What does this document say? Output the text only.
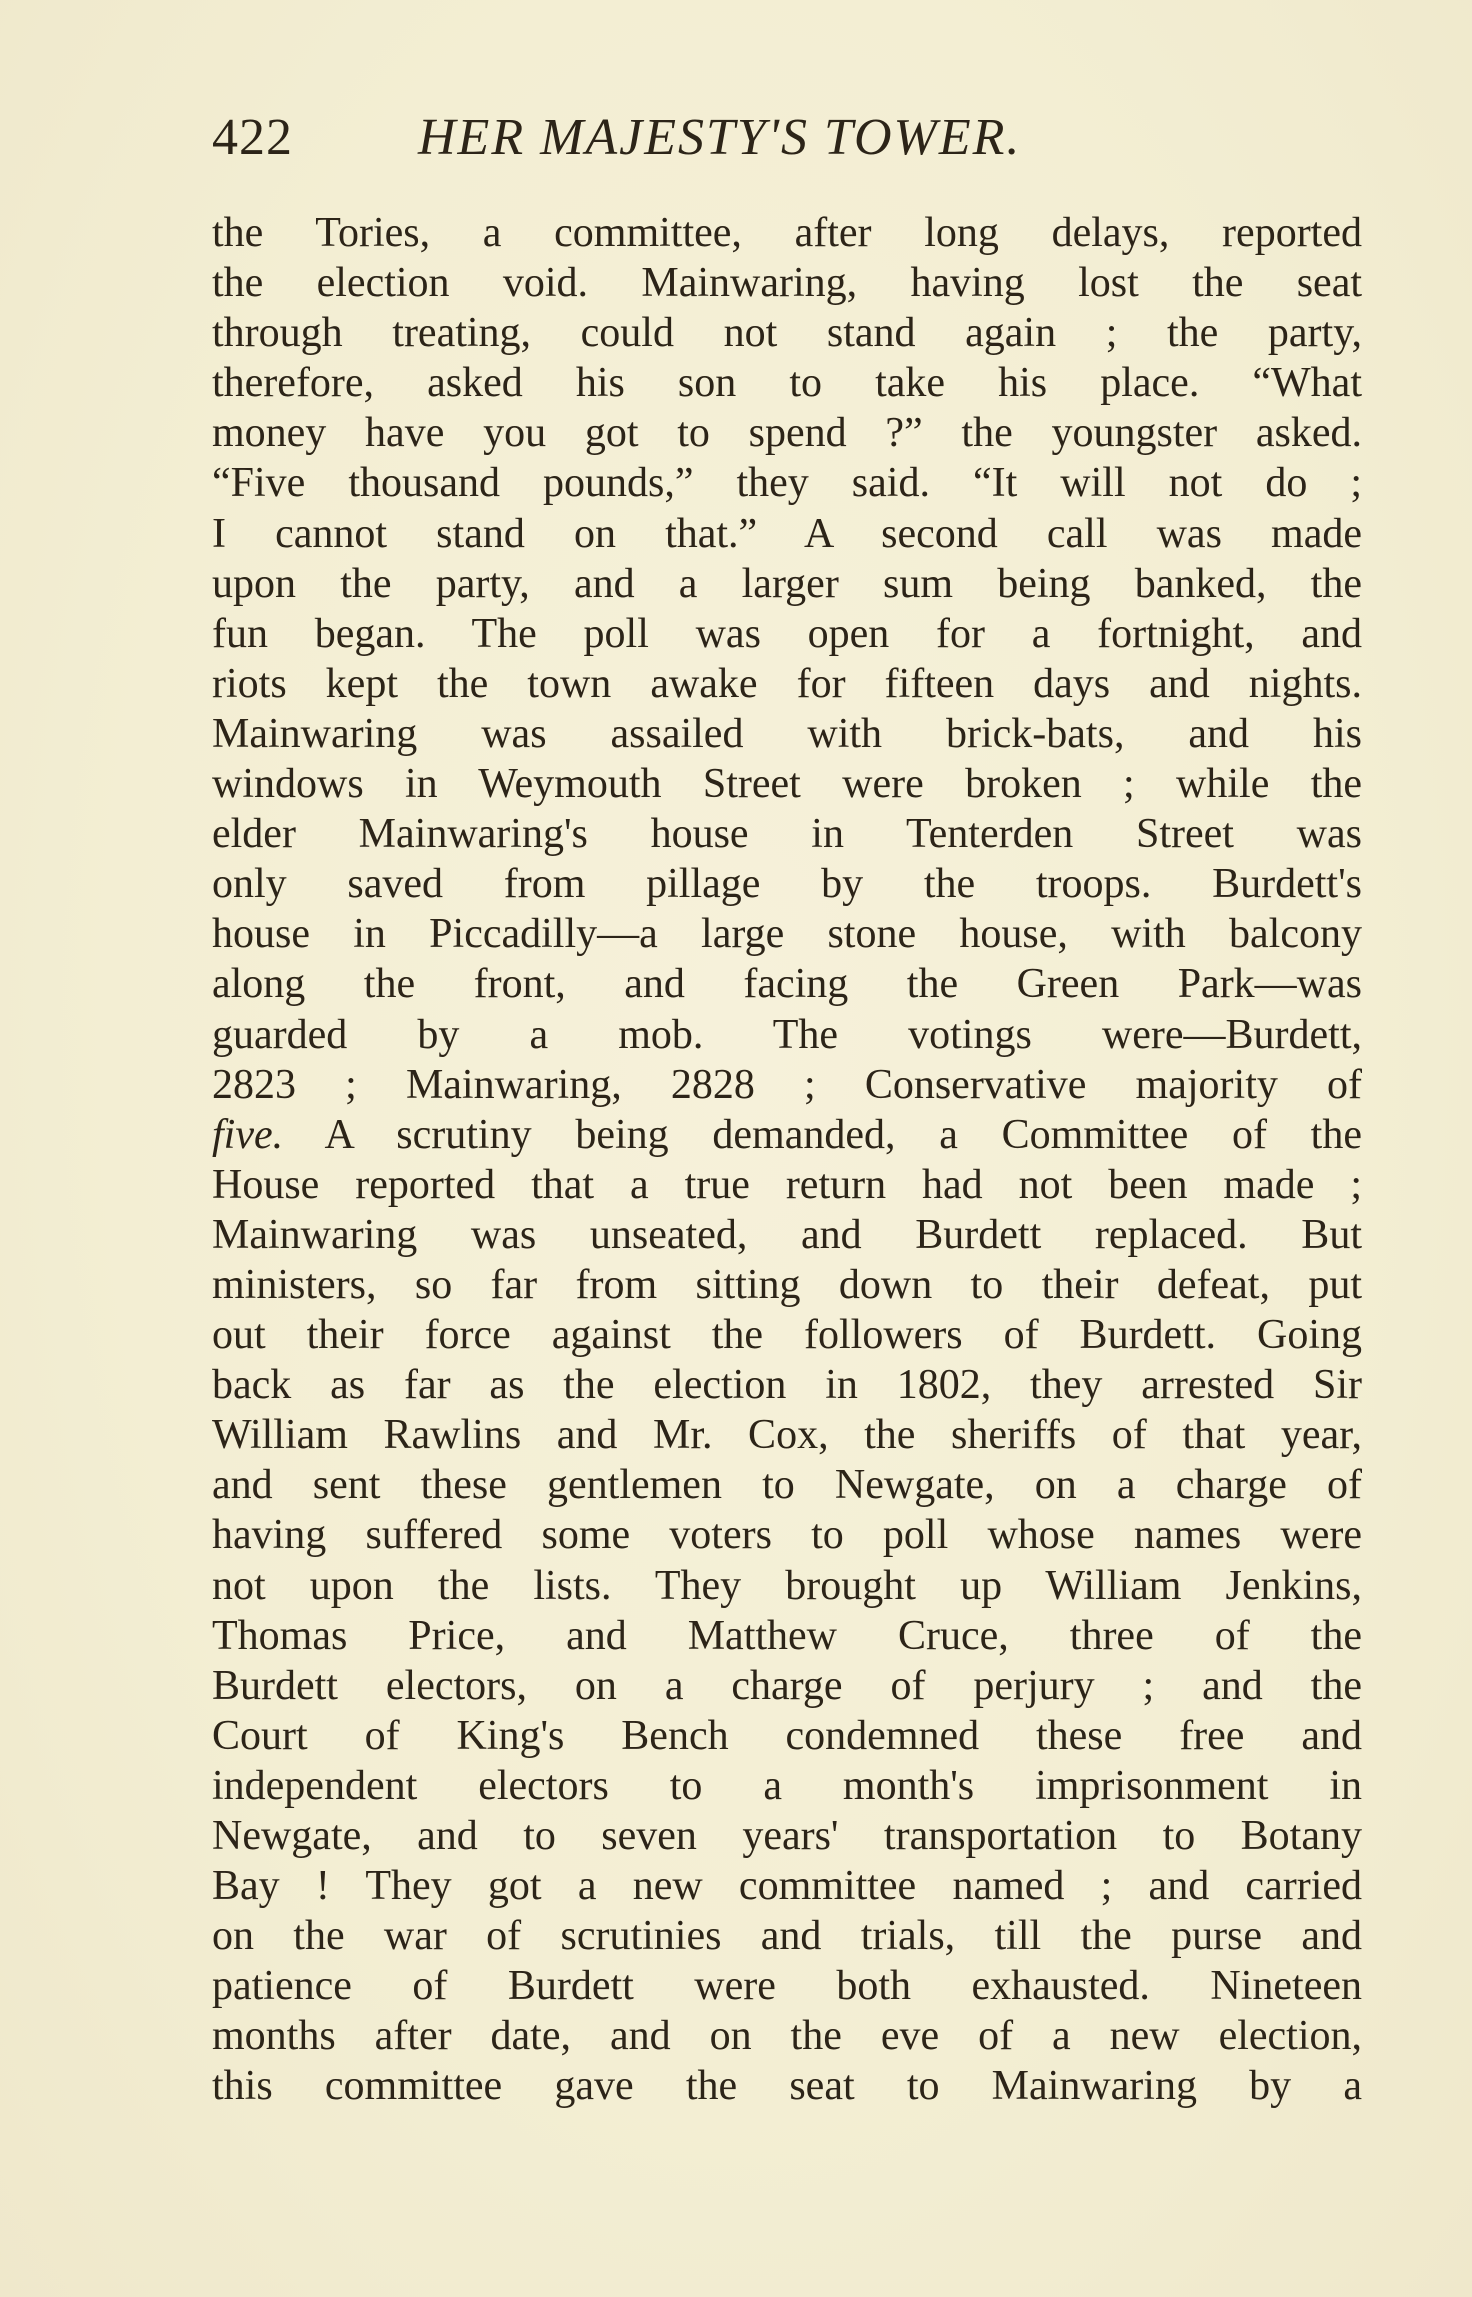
422 HER MAJESTY'S TOWER.
the Tories, a committee, after long delays, reported
the election void. Mainwaring, having lost the seat
through treating, could not stand again ; the party,
therefore, asked his son to take his place. “What
money have you got to spend ?” the youngster asked.
“Five thousand pounds,” they said. “It will not do ;
I cannot stand on that.” A second call was made
upon the party, and a larger sum being banked, the
fun began. The poll was open for a fortnight, and
riots kept the town awake for fifteen days and nights.
Mainwaring was assailed with brick-bats, and his
windows in Weymouth Street were broken ; while the
elder Mainwaring's house in Tenterden Street was
only saved from pillage by the troops. Burdett's
house in Piccadilly—a large stone house, with balcony
along the front, and facing the Green Park—was
guarded by a mob. The votings were—Burdett,
2823 ; Mainwaring, 2828 ; Conservative majority of
five. A scrutiny being demanded, a Committee of the
House reported that a true return had not been made ;
Mainwaring was unseated, and Burdett replaced. But
ministers, so far from sitting down to their defeat, put
out their force against the followers of Burdett. Going
back as far as the election in 1802, they arrested Sir
William Rawlins and Mr. Cox, the sheriffs of that year,
and sent these gentlemen to Newgate, on a charge of
having suffered some voters to poll whose names were
not upon the lists. They brought up William Jenkins,
Thomas Price, and Matthew Cruce, three of the
Burdett electors, on a charge of perjury ; and the
Court of King's Bench condemned these free and
independent electors to a month's imprisonment in
Newgate, and to seven years' transportation to Botany
Bay ! They got a new committee named ; and carried
on the war of scrutinies and trials, till the purse and
patience of Burdett were both exhausted. Nineteen
months after date, and on the eve of a new election,
this committee gave the seat to Mainwaring by a
